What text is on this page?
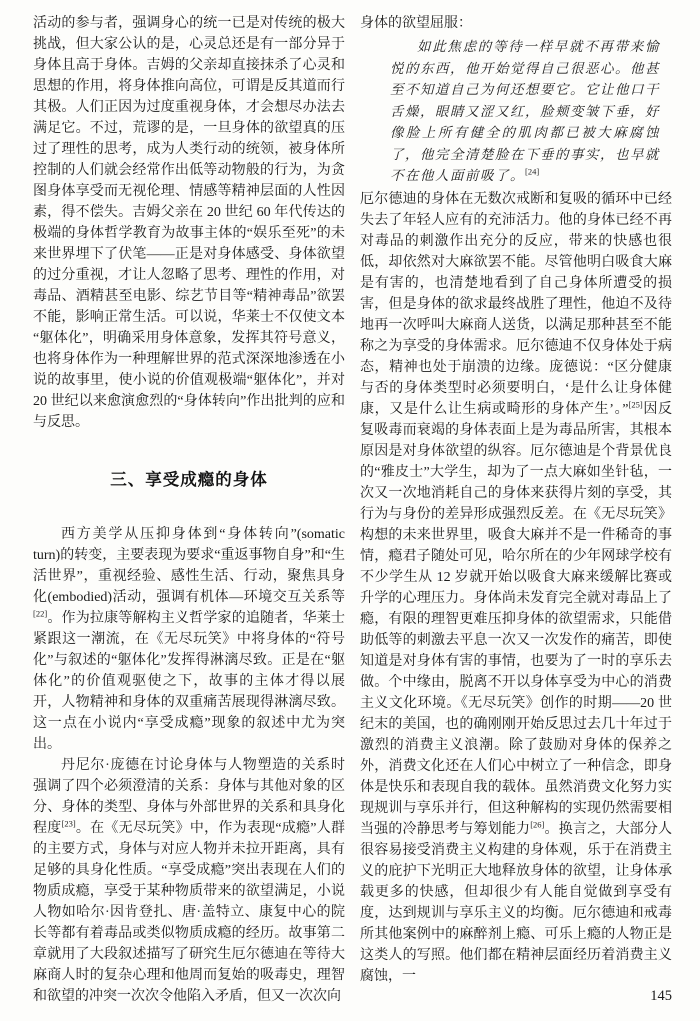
活动的参与者，强调身心的统一已是对传统的极大挑战，但大家公认的是，心灵总还是有一部分异于身体且高于身体。吉姆的父亲却直接抹杀了心灵和思想的作用，将身体推向高位，可谓是反其道而行其极。人们正因为过度重视身体，才会想尽办法去满足它。不过，荒谬的是，一旦身体的欲望真的压过了理性的思考，成为人类行动的统领，被身体所控制的人们就会经常作出低等动物般的行为，为贪图身体享受而无视伦理、情感等精神层面的人性因素，得不偿失。吉姆父亲在 20 世纪 60 年代传达的极端的身体哲学教育为故事主体的“娱乐至死”的未来世界埋下了伏笔——正是对身体感受、身体欲望的过分重视，才让人忽略了思考、理性的作用，对毒品、酒精甚至电影、综艺节目等“精神毒品”欲罢不能，影响正常生活。可以说，华莱士不仅使文本“躯体化”，明确采用身体意象，发挥其符号意义，也将身体作为一种理解世界的范式深深地渗透在小说的故事里，使小说的价值观极端“躯体化”，并对 20 世纪以来愈演愈烈的“身体转向”作出批判的应和与反思。

三、享受成瘾的身体

西方美学从压抑身体到“身体转向”(somatic turn)的转变，主要表现为要求“重返事物自身”和“生活世界”，重视经验、感性生活、行动，聚焦具身化(embodied)活动，强调有机体—环境交互关系等[22]。作为拉康等解构主义哲学家的追随者，华莱士紧跟这一潮流，在《无尽玩笑》中将身体的“符号化”与叙述的“躯体化”发挥得淋漓尽致。正是在“躯体化”的价值观驱使之下，故事的主体才得以展开，人物精神和身体的双重痛苦展现得淋漓尽致。这一点在小说内“享受成瘾”现象的叙述中尤为突出。

丹尼尔·庞德在讨论身体与人物塑造的关系时强调了四个必须澄清的关系：身体与其他对象的区分、身体的类型、身体与外部世界的关系和具身化程度[23]。在《无尽玩笑》中，作为表现“成瘾”人群的主要方式，身体与对应人物并未拉开距离，具有足够的具身化性质。“享受成瘾”突出表现在人们的物质成瘾，享受于某种物质带来的欲望满足，小说人物如哈尔·因肯登扎、唐·盖特立、康复中心的院长等都有着毒品或类似物质成瘾的经历。故事第二章就用了大段叙述描写了研究生厄尔德迪在等待大麻商人时的复杂心理和他周而复始的吸毒史，理智和欲望的冲突一次次令他陷入矛盾，但又一次次向

身体的欲望屈服：

如此焦虑的等待一样早就不再带来愉悦的东西，他开始觉得自己很恶心。他甚至不知道自己为何还想要它。它让他口干舌燥，眼睛又涩又红，脸颊变皱下垂，好像脸上所有健全的肌肉都已被大麻腐蚀了，他完全清楚脸在下垂的事实，也早就不在他人面前吸了。[24]

厄尔德迪的身体在无数次戒断和复吸的循环中已经失去了年轻人应有的充沛活力。他的身体已经不再对毒品的刺激作出充分的反应，带来的快感也很低，却依然对大麻欲罢不能。尽管他明白吸食大麻是有害的，也清楚地看到了自己身体所遭受的损害，但是身体的欲求最终战胜了理性，他迫不及待地再一次呼叫大麻商人送货，以满足那种甚至不能称之为享受的身体需求。厄尔德迪不仅身体处于病态，精神也处于崩溃的边缘。庞德说：“区分健康与否的身体类型时必须要明白，‘是什么让身体健康，又是什么让生病或畸形的身体产生’。”[25]因反复吸毒而衰竭的身体表面上是为毒品所害，其根本原因是对身体欲望的纵容。厄尔德迪是个背景优良的“雅皮士”大学生，却为了一点大麻如坐针毡，一次又一次地消耗自己的身体来获得片刻的享受，其行为与身份的差异形成强烈反差。在《无尽玩笑》构想的未来世界里，吸食大麻并不是一件稀奇的事情，瘾君子随处可见，哈尔所在的少年网球学校有不少学生从 12 岁就开始以吸食大麻来缓解比赛或升学的心理压力。身体尚未发育完全就对毒品上了瘾，有限的理智更难压抑身体的欲望需求，只能借助低等的刺激去平息一次又一次发作的痛苦，即使知道是对身体有害的事情，也要为了一时的享乐去做。个中缘由，脱离不开以身体享受为中心的消费主义文化环境。《无尽玩笑》创作的时期——20 世纪末的美国，也的确刚刚开始反思过去几十年过于激烈的消费主义浪潮。除了鼓励对身体的保养之外，消费文化还在人们心中树立了一种信念，即身体是快乐和表现自我的载体。虽然消费文化努力实现规训与享乐并行，但这种解构的实现仍然需要相当强的冷静思考与筹划能力[26]。换言之，大部分人很容易接受消费主义构建的身体观，乐于在消费主义的庇护下光明正大地释放身体的欲望，让身体承载更多的快感，但却很少有人能自觉做到享受有度，达到规训与享乐主义的均衡。厄尔德迪和戒毒所其他案例中的麻醉剂上瘾、可乐上瘾的人物正是这类人的写照。他们都在精神层面经历着消费主义腐蚀，一

145
